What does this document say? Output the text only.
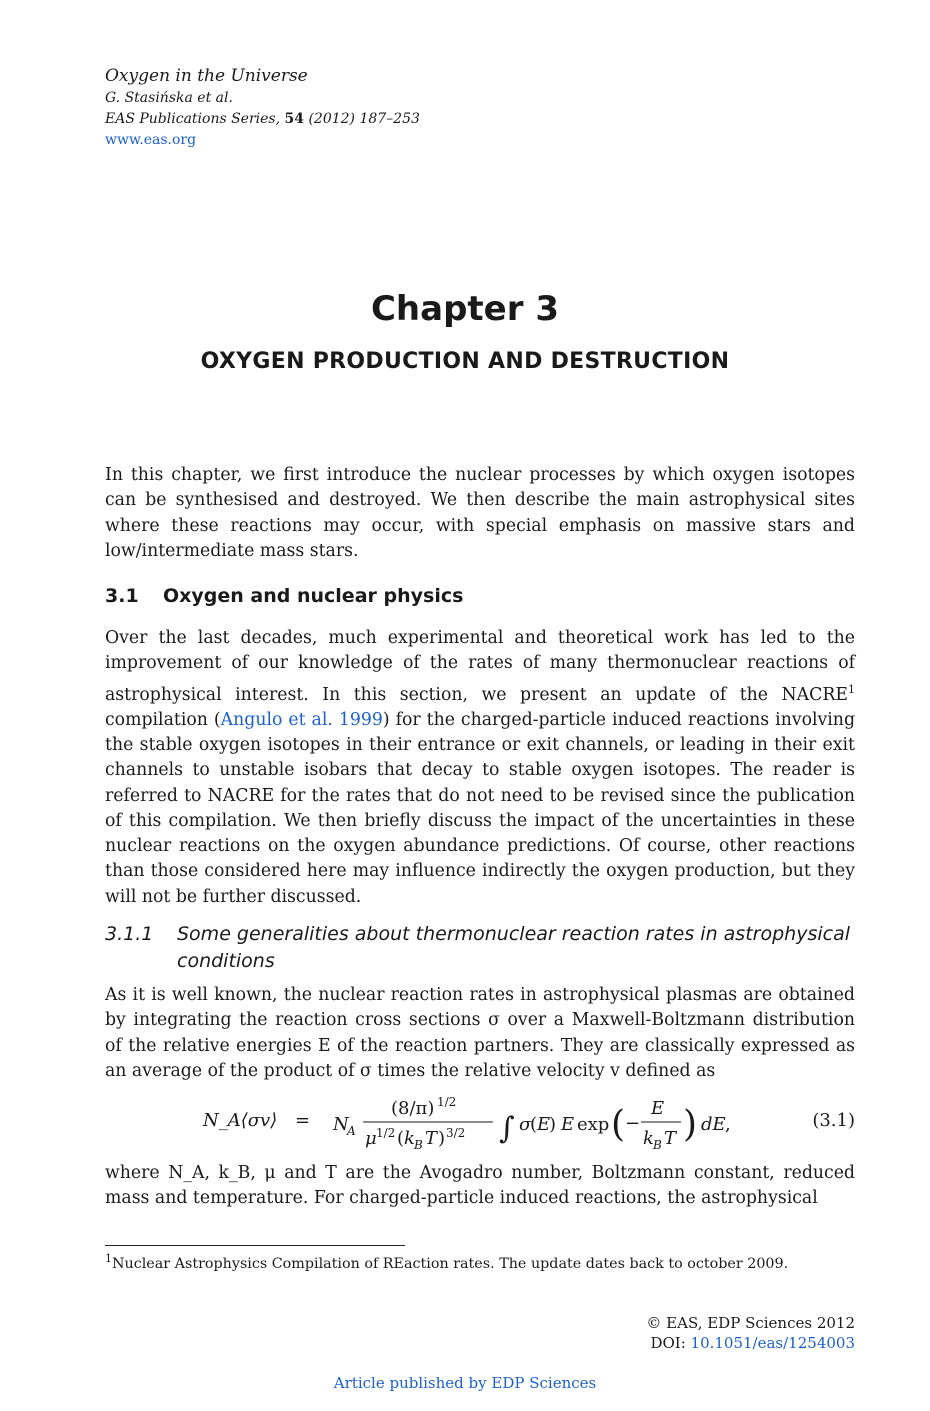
Oxygen in the Universe
G. Stasińska et al.
EAS Publications Series, 54 (2012) 187–253
www.eas.org
Chapter 3
OXYGEN PRODUCTION AND DESTRUCTION
In this chapter, we first introduce the nuclear processes by which oxygen isotopes can be synthesised and destroyed. We then describe the main astrophysical sites where these reactions may occur, with special emphasis on massive stars and low/intermediate mass stars.
3.1 Oxygen and nuclear physics
Over the last decades, much experimental and theoretical work has led to the improvement of our knowledge of the rates of many thermonuclear reactions of astrophysical interest. In this section, we present an update of the NACRE$^1$ compilation (Angulo et al. 1999) for the charged-particle induced reactions involving the stable oxygen isotopes in their entrance or exit channels, or leading in their exit channels to unstable isobars that decay to stable oxygen isotopes. The reader is referred to NACRE for the rates that do not need to be revised since the publication of this compilation. We then briefly discuss the impact of the uncertainties in these nuclear reactions on the oxygen abundance predictions. Of course, other reactions than those considered here may influence indirectly the oxygen production, but they will not be further discussed.
3.1.1 Some generalities about thermonuclear reaction rates in astrophysical conditions
As it is well known, the nuclear reaction rates in astrophysical plasmas are obtained by integrating the reaction cross sections σ over a Maxwell-Boltzmann distribution of the relative energies E of the reaction partners. They are classically expressed as an average of the product of σ times the relative velocity v defined as
N_A⟨σv⟩ = N
A
(8/π) 1/2
μ 1/2 ( k B T ) 3/2 ∫ σ
( E
) E exp ( −
E
k B T ) dE ,	(3.1)
where N_A, k_B, μ and T are the Avogadro number, Boltzmann constant, reduced mass and temperature. For charged-particle induced reactions, the astrophysical
$^1$Nuclear Astrophysics Compilation of REaction rates. The update dates back to october 2009.
© EAS, EDP Sciences 2012
DOI: 10.1051/eas/1254003
Article published by EDP Sciences
